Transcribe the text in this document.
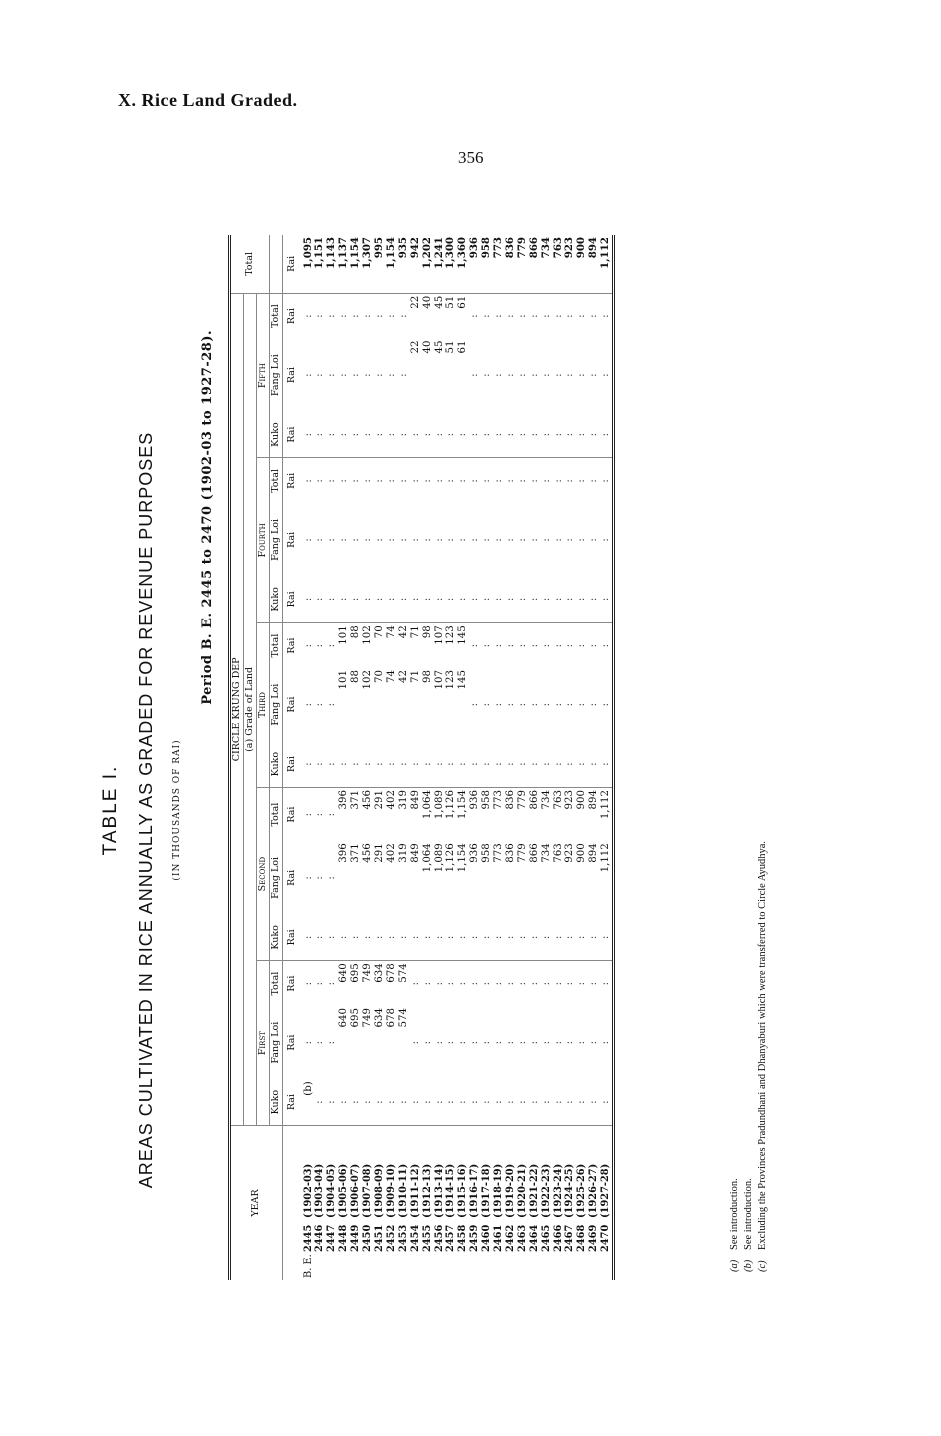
X. Rice Land Graded.
356
TABLE I. AREAS CULTIVATED IN RICE ANNUALLY AS GRADED FOR REVENUE PURPOSES (IN THOUSANDS OF RAI)
Period B. E. 2445 to 2470 (1902-03 to 1927-28).
YEAR	CIRCLE KRUNG DEP															Total
	(a) Grade of Land															
	First			Second			Third			Fourth			Fifth			
	Kuko	Fang Loi	Total	Kuko	Fang Loi	Total	Kuko	Fang Loi	Total	Kuko	Fang Loi	Total	Kuko	Fang Loi	Total	
	Rai	Rai	Rai	Rai	Rai	Rai	Rai	Rai	Rai	Rai	Rai	Rai	Rai	Rai	Rai	Rai
B. E.2445(1902-03)	(b)	:	:	:	:	:	:	:	:	:	:	:	:	:	:	1,095
2446(1903-04)	:	:	:	:	:	:	:	:	:	:	:	:	:	:	:	1,151
2447(1904-05)	:	:	:	:	:	:	:	:	:	:	:	:	:	:	:	1,143
2448(1905-06)	:	640	640	:	396	396	:	101	101	:	:	:	:	:	:	1,137
2449(1906-07)	:	695	695	:	371	371	:	88	88	:	:	:	:	:	:	1,154
2450(1907-08)	:	749	749	:	456	456	:	102	102	:	:	:	:	:	:	1,307
2451(1908-09)	:	634	634	:	291	291	:	70	70	:	:	:	:	:	:	995
2452(1909-10)	:	678	678	:	402	402	:	74	74	:	:	:	:	:	:	1,154
2453(1910-11)	:	574	574	:	319	319	:	42	42	:	:	:	:	:	:	935
2454(1911-12)	:	:	:	:	849	849	:	71	71	:	:	:	:	22	22	942
2455(1912-13)	:	:	:	:	1,064	1,064	:	98	98	:	:	:	:	40	40	1,202
2456(1913-14)	:	:	:	:	1,089	1,089	:	107	107	:	:	:	:	45	45	1,241
2457(1914-15)	:	:	:	:	1,126	1,126	:	123	123	:	:	:	:	51	51	1,300
2458(1915-16)	:	:	:	:	1,154	1,154	:	145	145	:	:	:	:	61	61	1,360
2459(1916-17)	:	:	:	:	936	936	:	:	:	:	:	:	:	:	:	936
2460(1917-18)	:	:	:	:	958	958	:	:	:	:	:	:	:	:	:	958
2461(1918-19)	:	:	:	:	773	773	:	:	:	:	:	:	:	:	:	773
2462(1919-20)	:	:	:	:	836	836	:	:	:	:	:	:	:	:	:	836
2463(1920-21)	:	:	:	:	779	779	:	:	:	:	:	:	:	:	:	779
2464(1921-22)	:	:	:	:	866	866	:	:	:	:	:	:	:	:	:	866
2465(1922-23)	:	:	:	:	734	734	:	:	:	:	:	:	:	:	:	734
2466(1923-24)	:	:	:	:	763	763	:	:	:	:	:	:	:	:	:	763
2467(1924-25)	:	:	:	:	923	923	:	:	:	:	:	:	:	:	:	923
2468(1925-26)	:	:	:	:	900	900	:	:	:	:	:	:	:	:	:	900
2469(1926-27)	:	:	:	:	894	894	:	:	:	:	:	:	:	:	:	894
2470(1927-28)	:	:	:	:	1,112	1,112	:	:	:	:	:	:	:	:	:	1,112
(a)See introduction.
(b)See introduction.
(c)Excluding the Provinces Pradundhani and Dhanyaburi which were transferred to Circle Ayudhya.
